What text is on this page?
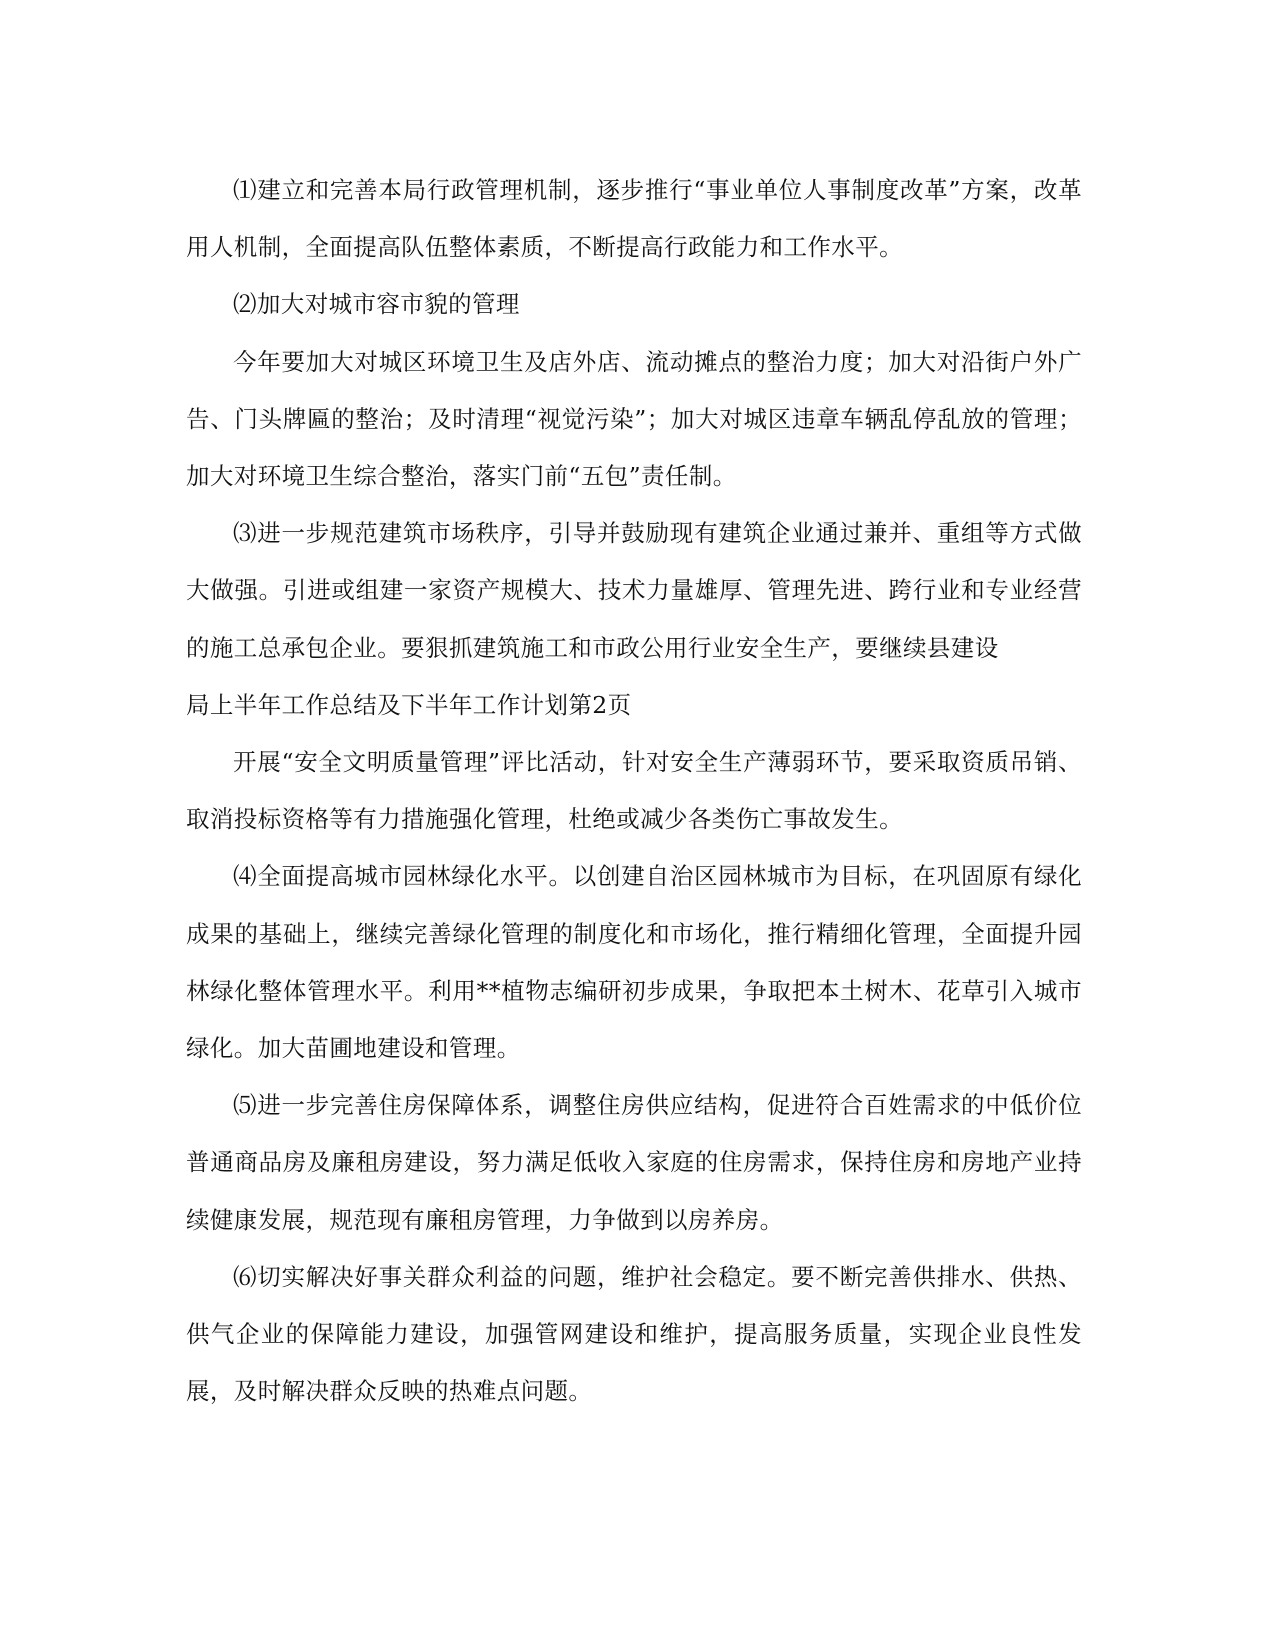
⑴建立和完善本局行政管理机制，逐步推行“事业单位人事制度改革”方案，改革用人机制，全面提高队伍整体素质，不断提高行政能力和工作水平。

⑵加大对城市容市貌的管理

今年要加大对城区环境卫生及店外店、流动摊点的整治力度；加大对沿街户外广告、门头牌匾的整治；及时清理“视觉污染”；加大对城区违章车辆乱停乱放的管理；加大对环境卫生综合整治，落实门前“五包”责任制。

⑶进一步规范建筑市场秩序，引导并鼓励现有建筑企业通过兼并、重组等方式做大做强。引进或组建一家资产规模大、技术力量雄厚、管理先进、跨行业和专业经营的施工总承包企业。要狠抓建筑施工和市政公用行业安全生产，要继续县建设

局上半年工作总结及下半年工作计划第2页

开展“安全文明质量管理”评比活动，针对安全生产薄弱环节，要采取资质吊销、取消投标资格等有力措施强化管理，杜绝或减少各类伤亡事故发生。

⑷全面提高城市园林绿化水平。以创建自治区园林城市为目标，在巩固原有绿化成果的基础上，继续完善绿化管理的制度化和市场化，推行精细化管理，全面提升园林绿化整体管理水平。利用**植物志编研初步成果，争取把本土树木、花草引入城市绿化。加大苗圃地建设和管理。

⑸进一步完善住房保障体系，调整住房供应结构，促进符合百姓需求的中低价位普通商品房及廉租房建设，努力满足低收入家庭的住房需求，保持住房和房地产业持续健康发展，规范现有廉租房管理，力争做到以房养房。

⑹切实解决好事关群众利益的问题，维护社会稳定。要不断完善供排水、供热、供气企业的保障能力建设，加强管网建设和维护，提高服务质量，实现企业良性发展，及时解决群众反映的热难点问题。
